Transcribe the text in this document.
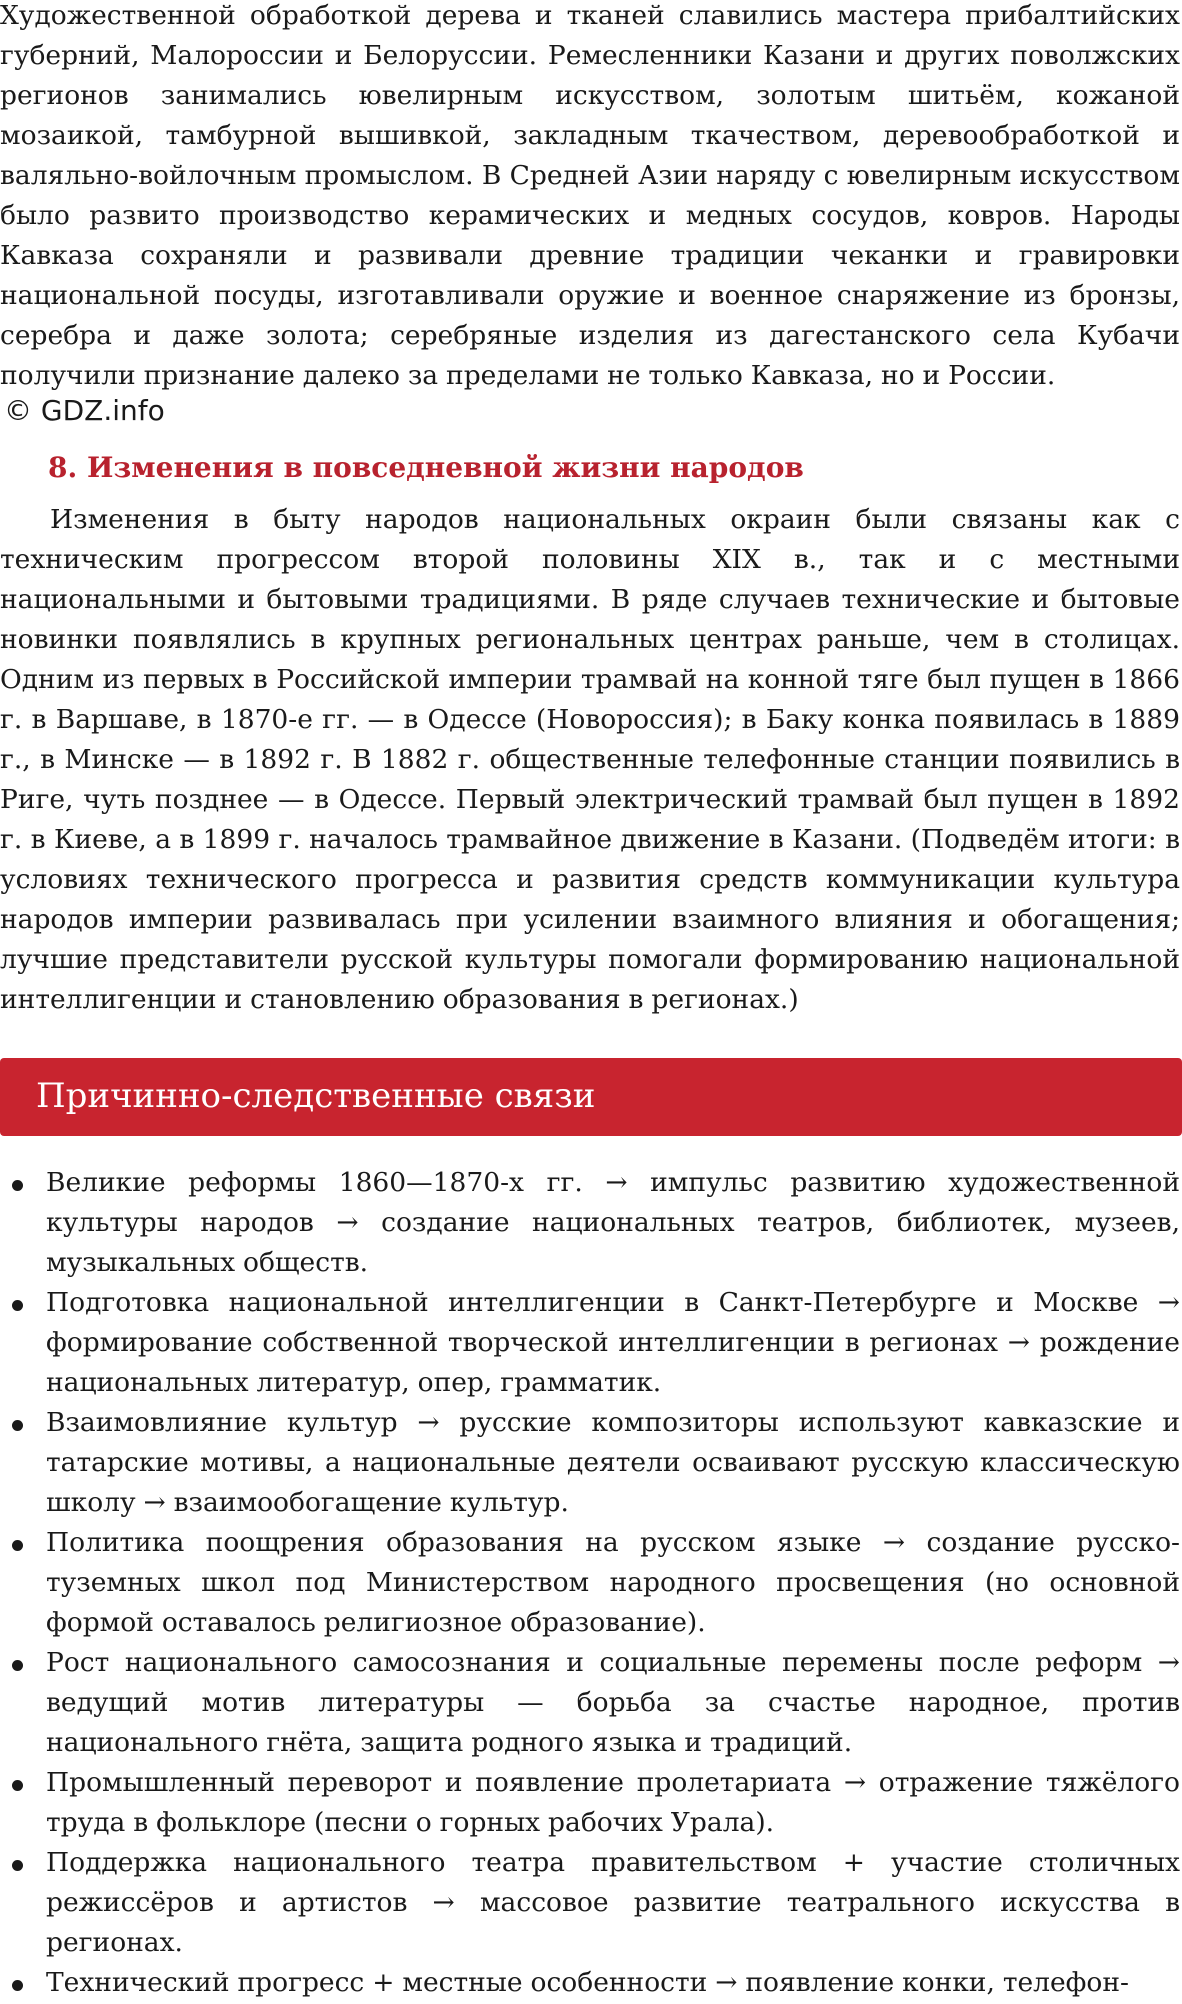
Художественной обработкой дерева и тканей славились мастера прибалтийских губерний, Малороссии и Белоруссии. Ремесленники Казани и других поволжских регионов занимались ювелирным искусством, золотым шитьём, кожаной мозаикой, тамбурной вышивкой, закладным ткачеством, деревообработкой и валяльно-войлочным промыслом. В Средней Азии наряду с ювелирным искусством было развито производство керамических и медных сосудов, ковров. Народы Кавказа сохраняли и развивали древние традиции чеканки и гравировки национальной посуды, изготавливали оружие и военное снаряжение из бронзы, серебра и даже золота; серебряные изделия из дагестанского села Кубачи получили признание далеко за пределами не только Кавказа, но и России.

© GDZ.info
8. Изменения в повседневной жизни народов

Изменения в быту народов национальных окраин были связаны как с техническим прогрессом второй половины XIX в., так и с местными национальными и бытовыми традициями. В ряде случаев технические и бытовые новинки появлялись в крупных региональных центрах раньше, чем в столицах. Одним из первых в Российской империи трамвай на конной тяге был пущен в 1866 г. в Варшаве, в 1870-е гг. — в Одессе (Новороссия); в Баку конка появилась в 1889 г., в Минске — в 1892 г. В 1882 г. общественные телефонные станции появились в Риге, чуть позднее — в Одессе. Первый электрический трамвай был пущен в 1892 г. в Киеве, а в 1899 г. началось трамвайное движение в Казани. (Подведём итоги: в условиях технического прогресса и развития средств коммуникации культура народов империи развивалась при усилении взаимного влияния и обогащения; лучшие представители русской культуры помогали формированию национальной интеллигенции и становлению образования в регионах.)

Причинно-следственные связи
Великие реформы 1860—1870-х гг. → импульс развитию художественной культуры народов → создание национальных театров, библиотек, музеев, музыкальных обществ.
Подготовка национальной интеллигенции в Санкт-Петербурге и Москве → формирование собственной творческой интеллигенции в регионах → рождение национальных литератур, опер, грамматик.
Взаимовлияние культур → русские композиторы используют кавказские и татарские мотивы, а национальные деятели осваивают русскую классическую школу → взаимообогащение культур.
Политика поощрения образования на русском языке → создание русско-туземных школ под Министерством народного просвещения (но основной формой оставалось религиозное образование).
Рост национального самосознания и социальные перемены после реформ → ведущий мотив литературы — борьба за счастье народное, против национального гнёта, защита родного языка и традиций.
Промышленный переворот и появление пролетариата → отражение тяжёлого труда в фольклоре (песни о горных рабочих Урала).
Поддержка национального театра правительством + участие столичных режиссёров и артистов → массовое развитие театрального искусства в регионах.
Технический прогресс + местные особенности → появление конки, телефон-
